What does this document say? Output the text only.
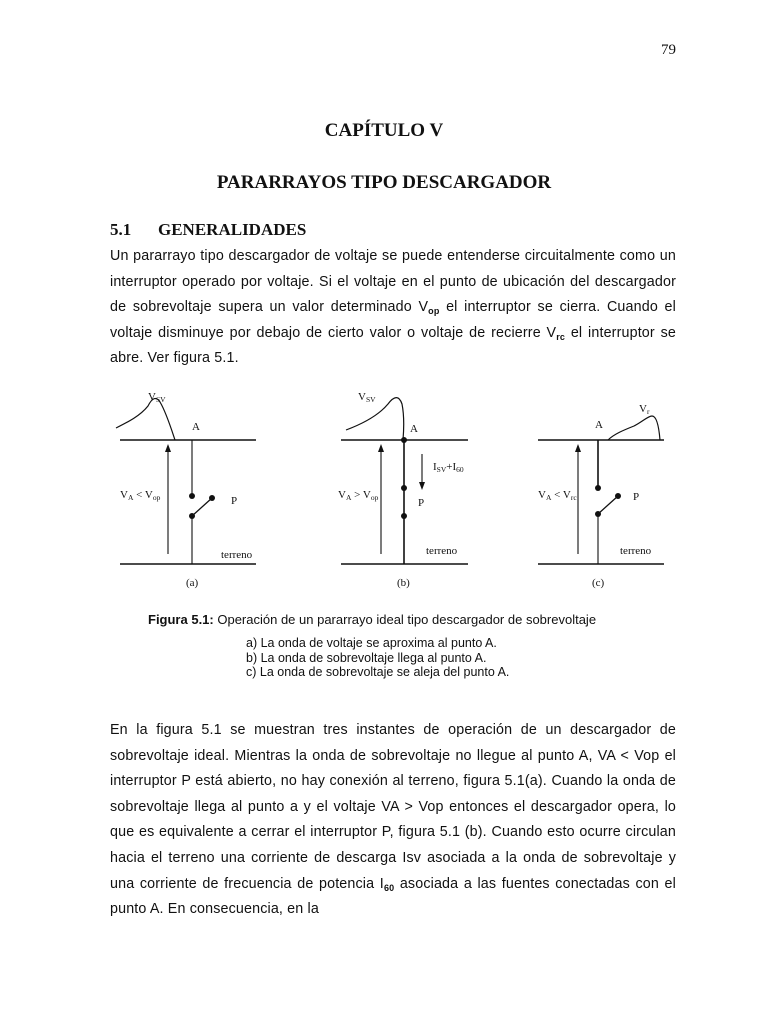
79
CAPÍTULO V
PARARRAYOS TIPO DESCARGADOR
5.1 GENERALIDADES
Un pararrayo tipo descargador de voltaje se puede entenderse circuitalmente como un interruptor operado por voltaje. Si el voltaje en el punto de ubicación del descargador de sobrevoltaje supera un valor determinado $V_{op}$ el interruptor se cierra. Cuando el voltaje disminuye por debajo de cierto valor o voltaje de recierre $V_{rc}$ el interruptor se abre. Ver figura 5.1.
VSV
A
VA < Vop	P
terreno
(a)
VSV
A
ISV+I60
VA > Vop	P
terreno
(b)
Vr
A
VA < Vrc	P
terreno
(c)
Figura 5.1: Operación de un pararrayo ideal tipo descargador de sobrevoltaje
a) La onda de voltaje se aproxima al punto A.
b) La onda de sobrevoltaje llega al punto A.
c) La onda de sobrevoltaje se aleja del punto A.
En la figura 5.1 se muestran tres instantes de operación de un descargador de sobrevoltaje ideal. Mientras la onda de sobrevoltaje no llegue al punto A, VA < Vop el interruptor P está abierto, no hay conexión al terreno, figura 5.1(a). Cuando la onda de sobrevoltaje llega al punto a y el voltaje VA > Vop entonces el descargador opera, lo que es equivalente a cerrar el interruptor P, figura 5.1 (b). Cuando esto ocurre circulan hacia el terreno una corriente de descarga Isv asociada a la onda de sobrevoltaje y una corriente de frecuencia de potencia $I_{60}$ asociada a las fuentes conectadas con el punto A. En consecuencia, en la
